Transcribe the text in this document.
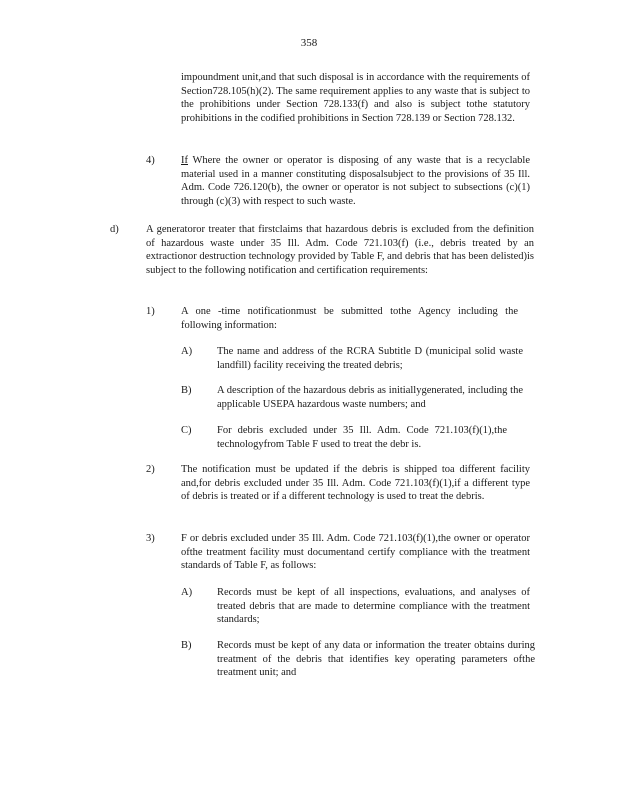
358
impoundment unit,and that such disposal is in accordance with the requirements of Section728.105(h)(2). The same requirement applies to any waste that is subject to the prohibitions under Section 728.133(f) and also is subject tothe statutory prohibitions in the codified prohibitions in Section 728.139 or Section 728.132.
4)	If Where the owner or operator is disposing of any waste that is a recyclable material used in a manner constituting disposalsubject to the provisions of 35 Ill. Adm. Code 726.120(b), the owner or operator is not subject to subsections (c)(1) through (c)(3) with respect to such waste.
d)	A generatoror treater that firstclaims that hazardous debris is excluded from the definition of hazardous waste under 35 Ill. Adm. Code 721.103(f) (i.e., debris treated by an extractionor destruction technology provided by Table F, and debris that has been delisted)is subject to the following notification and certification requirements:
1)	A one -time notificationmust be submitted tothe Agency including the following information:
A) The name and address of the RCRA Subtitle D (municipal solid waste landfill) facility receiving the treated debris;
B) A description of the hazardous debris as initiallygenerated, including the applicable USEPA hazardous waste numbers; and
C) For debris excluded under 35 Ill. Adm. Code 721.103(f)(1),the technologyfrom Table F used to treat the debr is.
2)	The notification must be updated if the debris is shipped toa different facility and,for debris excluded under 35 Ill. Adm. Code 721.103(f)(1),if a different type of debris is treated or if a different technology is used to treat the debris.
3)	F or debris excluded under 35 Ill. Adm. Code 721.103(f)(1),the owner or operator ofthe treatment facility must documentand certify compliance with the treatment standards of Table F, as follows:
A) Records must be kept of all inspections, evaluations, and analyses of treated debris that are made to determine compliance with the treatment standards;
B) Records must be kept of any data or information the treater obtains during treatment of the debris that identifies key operating parameters ofthe treatment unit; and
